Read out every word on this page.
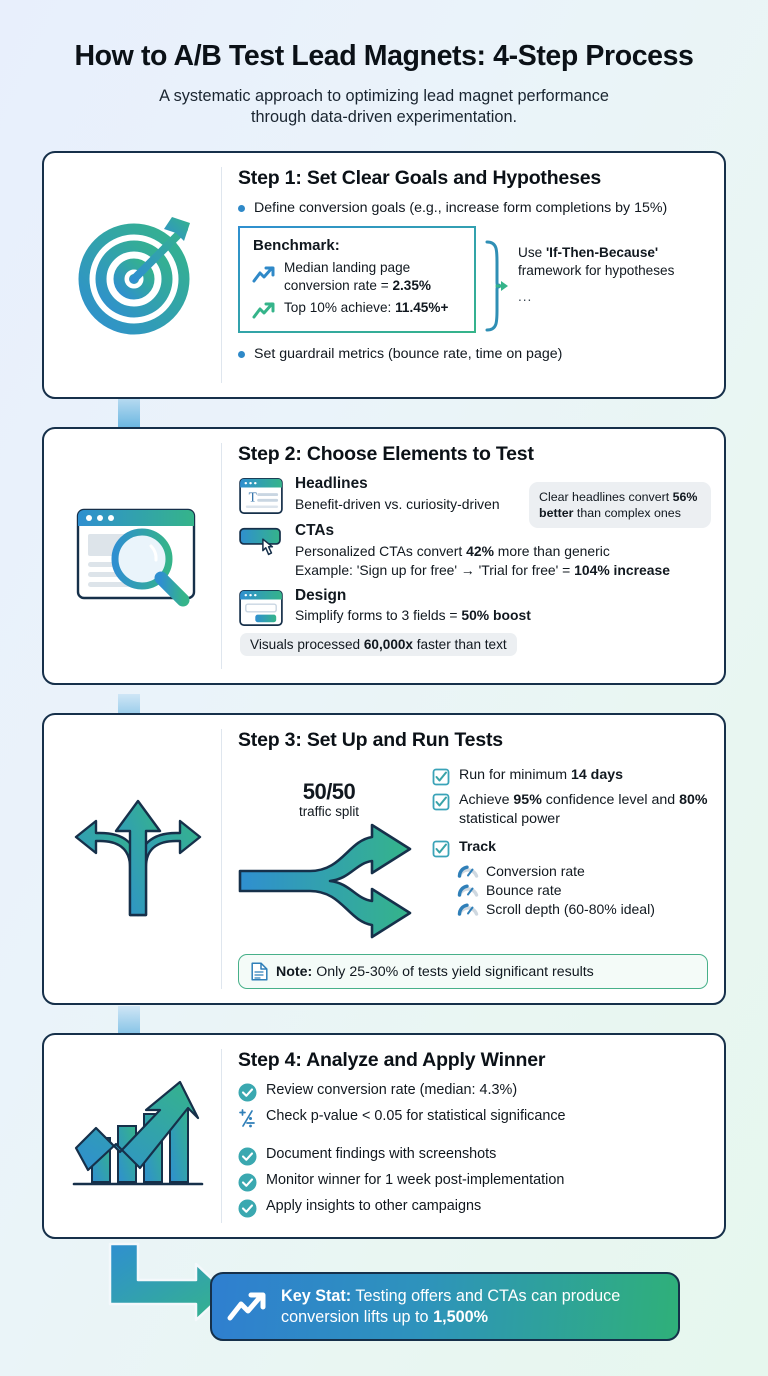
How to A/B Test Lead Magnets: 4-Step Process
A systematic approach to optimizing lead magnet performance
through data-driven experimentation.
Step 1: Set Clear Goals and Hypotheses
Define conversion goals (e.g., increase form completions by 15%)
Benchmark:
Median landing page conversion rate = 2.35%
Top 10% achieve: 11.45%+
Use 'If-Then-Because' framework for hypotheses
...
Set guardrail metrics (bounce rate, time on page)
Step 2: Choose Elements to Test
Clear headlines convert 56% better than complex ones
T
Headlines
Benefit-driven vs. curiosity-driven
CTAs
Personalized CTAs convert 42% more than generic
Example: 'Sign up for free' → 'Trial for free' = 104% increase
Design
Simplify forms to 3 fields = 50% boost
Visuals processed 60,000x faster than text
Step 3: Set Up and Run Tests
50/50
traffic split
Run for minimum 14 days
Achieve 95% confidence level and 80% statistical power
Track
Conversion rate
Bounce rate
Scroll depth (60-80% ideal)
Note: Only 25-30% of tests yield significant results
Step 4: Analyze and Apply Winner
Review conversion rate (median: 4.3%)
Check p-value < 0.05 for statistical significance
Document findings with screenshots
Monitor winner for 1 week post-implementation
Apply insights to other campaigns
Key Stat: Testing offers and CTAs can produce conversion lifts up to 1,500%
